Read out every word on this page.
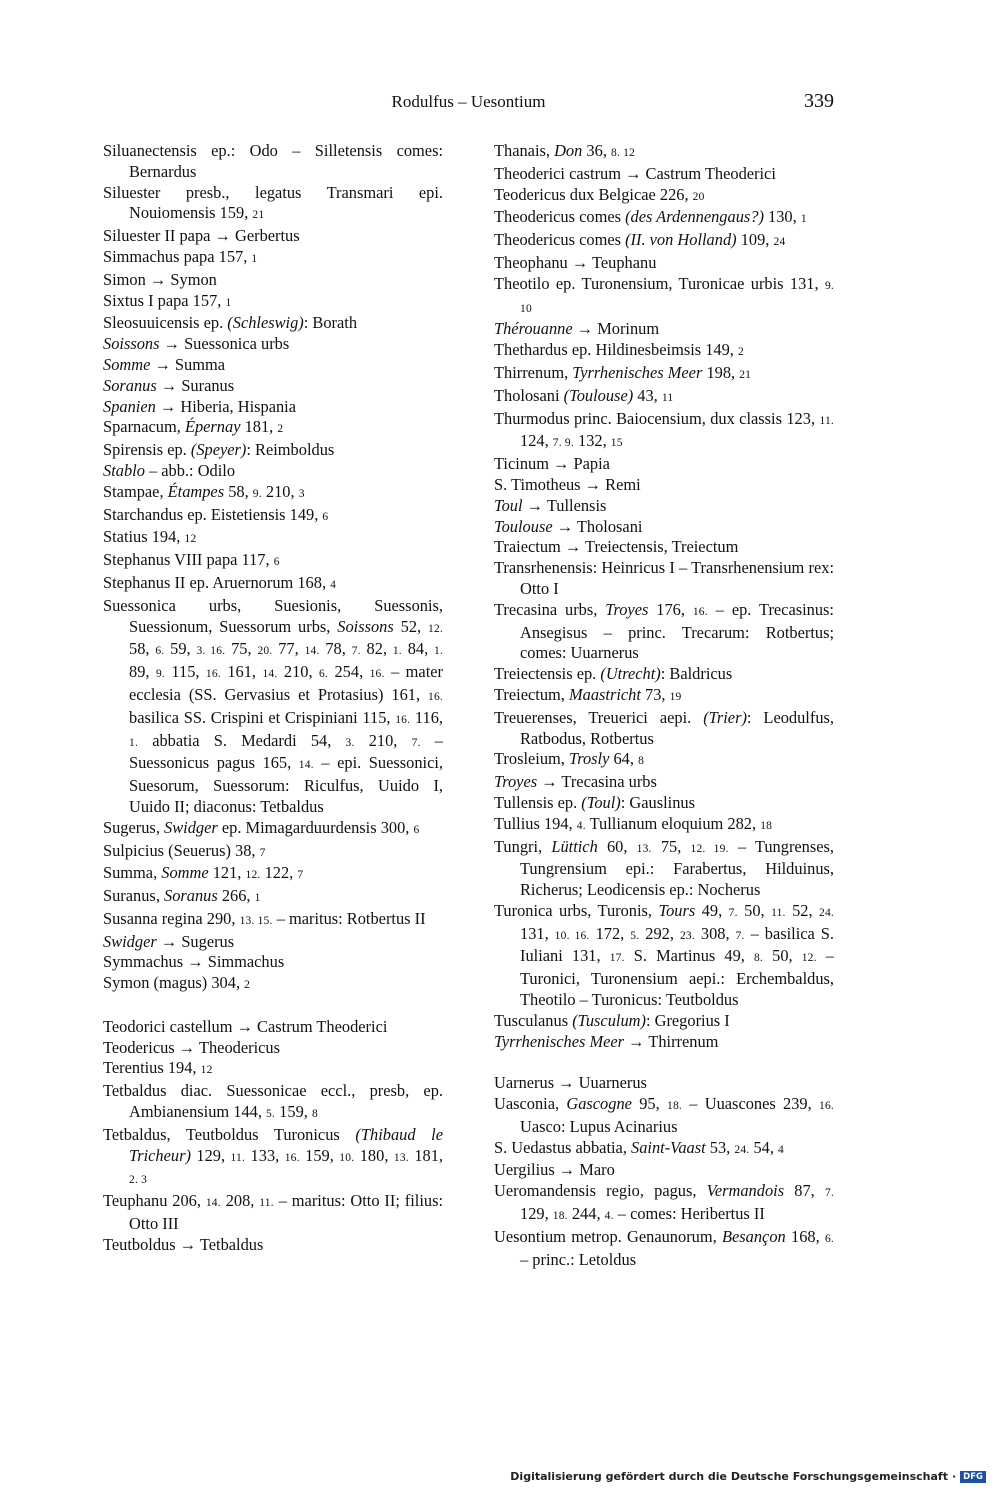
Rodulfus – Uesontium	339
Siluanectensis ep.: Odo – Silletensis comes: Bernardus
Siluester presb., legatus Transmari epi. Nouiomensis 159, 21
Siluester II papa → Gerbertus
Simmachus papa 157, 1
Simon → Symon
Sixtus I papa 157, 1
Sleosuuicensis ep. (Schleswig): Borath
Soissons → Suessonica urbs
Somme → Summa
Soranus → Suranus
Spanien → Hiberia, Hispania
Sparnacum, Épernay 181, 2
Spirensis ep. (Speyer): Reimboldus
Stablo – abb.: Odilo
Stampae, Étampes 58, 9. 210, 3
Starchandus ep. Eistetiensis 149, 6
Statius 194, 12
Stephanus VIII papa 117, 6
Stephanus II ep. Aruernorum 168, 4
Suessonica urbs, Suesionis, Suessonis, Suessionum, Suessorum urbs, Soissons 52, 12. 58, 6. 59, 3. 16. 75, 20. 77, 14. 78, 7. 82, 1. 84, 1. 89, 9. 115, 16. 161, 14. 210, 6. 254, 16. – mater ecclesia (SS. Gervasius et Protasius) 161, 16. basilica SS. Crispini et Crispiniani 115, 16. 116, 1. abbatia S. Medardi 54, 3. 210, 7. – Suessonicus pagus 165, 14. – epi. Suessonici, Suesorum, Suessorum: Riculfus, Uuido I, Uuido II; diaconus: Tetbaldus
Sugerus, Swidger ep. Mimagarduurdensis 300, 6
Sulpicius (Seuerus) 38, 7
Summa, Somme 121, 12. 122, 7
Suranus, Soranus 266, 1
Susanna regina 290, 13. 15. – maritus: Rotbertus II
Swidger → Sugerus
Symmachus → Simmachus
Symon (magus) 304, 2
Teodorici castellum → Castrum Theoderici
Teodericus → Theodericus
Terentius 194, 12
Tetbaldus diac. Suessonicae eccl., presb, ep. Ambianensium 144, 5. 159, 8
Tetbaldus, Teutboldus Turonicus (Thibaud le Tricheur) 129, 11. 133, 16. 159, 10. 180, 13. 181, 2. 3
Teuphanu 206, 14. 208, 11. – maritus: Otto II; filius: Otto III
Teutboldus → Tetbaldus
Thanais, Don 36, 8. 12
Theoderici castrum → Castrum Theoderici
Teodericus dux Belgicae 226, 20
Theodericus comes (des Ardennengaus?) 130, 1
Theodericus comes (II. von Holland) 109, 24
Theophanu → Teuphanu
Theotilo ep. Turonensium, Turonicae urbis 131, 9. 10
Thérouanne → Morinum
Thethardus ep. Hildinesbeimsis 149, 2
Thirrenum, Tyrrhenisches Meer 198, 21
Tholosani (Toulouse) 43, 11
Thurmodus princ. Baiocensium, dux classis 123, 11. 124, 7. 9. 132, 15
Ticinum → Papia
S. Timotheus → Remi
Toul → Tullensis
Toulouse → Tholosani
Traiectum → Treiectensis, Treiectum
Transrhenensis: Heinricus I – Transrhenensium rex: Otto I
Trecasina urbs, Troyes 176, 16. – ep. Trecasinus: Ansegisus – princ. Trecarum: Rotbertus; comes: Uuarnerus
Treiectensis ep. (Utrecht): Baldricus
Treiectum, Maastricht 73, 19
Treuerenses, Treuerici aepi. (Trier): Leodulfus, Ratbodus, Rotbertus
Trosleium, Trosly 64, 8
Troyes → Trecasina urbs
Tullensis ep. (Toul): Gauslinus
Tullius 194, 4. Tullianum eloquium 282, 18
Tungri, Lüttich 60, 13. 75, 12. 19. – Tungrenses, Tungrensium epi.: Farabertus, Hilduinus, Richerus; Leodicensis ep.: Nocherus
Turonica urbs, Turonis, Tours 49, 7. 50, 11. 52, 24. 131, 10. 16. 172, 5. 292, 23. 308, 7. – basilica S. Iuliani 131, 17. S. Martinus 49, 8. 50, 12. – Turonici, Turonensium aepi.: Erchembaldus, Theotilo – Turonicus: Teutboldus
Tusculanus (Tusculum): Gregorius I
Tyrrhenisches Meer → Thirrenum
Uarnerus → Uuarnerus
Uasconia, Gascogne 95, 18. – Uuascones 239, 16. Uasco: Lupus Acinarius
S. Uedastus abbatia, Saint-Vaast 53, 24. 54, 4
Uergilius → Maro
Ueromandensis regio, pagus, Vermandois 87, 7. 129, 18. 244, 4. – comes: Heribertus II
Uesontium metrop. Genaunorum, Besançon 168, 6. – princ.: Letoldus
Digitalisierung gefördert durch die Deutsche Forschungsgemeinschaft · DFG
